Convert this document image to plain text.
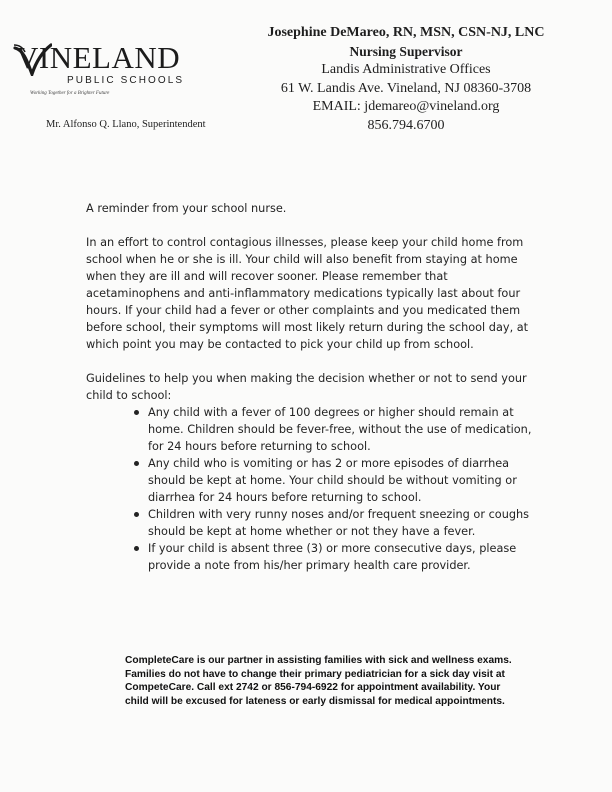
VINELAND
PUBLIC SCHOOLS
Working Together for a Brighter Future
Mr. Alfonso Q. Llano, Superintendent
Josephine DeMareo, RN, MSN, CSN-NJ, LNC
Nursing Supervisor
Landis Administrative Offices
61 W. Landis Ave. Vineland, NJ 08360-3708
EMAIL: jdemareo@vineland.org
856.794.6700

A reminder from your school nurse.

In an effort to control contagious illnesses, please keep your child home from school when he or she is ill. Your child will also benefit from staying at home when they are ill and will recover sooner. Please remember that acetaminophens and anti-inflammatory medications typically last about four hours. If your child had a fever or other complaints and you medicated them before school, their symptoms will most likely return during the school day, at which point you may be contacted to pick your child up from school.

Guidelines to help you when making the decision whether or not to send your child to school:

Any child with a fever of 100 degrees or higher should remain at home. Children should be fever-free, without the use of medication, for 24 hours before returning to school.
Any child who is vomiting or has 2 or more episodes of diarrhea should be kept at home. Your child should be without vomiting or diarrhea for 24 hours before returning to school.
Children with very runny noses and/or frequent sneezing or coughs should be kept at home whether or not they have a fever.
If your child is absent three (3) or more consecutive days, please provide a note from his/her primary health care provider.
CompleteCare is our partner in assisting families with sick and wellness exams. Families do not have to change their primary pediatrician for a sick day visit at CompeteCare. Call ext 2742 or 856-794-6922 for appointment availability. Your child will be excused for lateness or early dismissal for medical appointments.
